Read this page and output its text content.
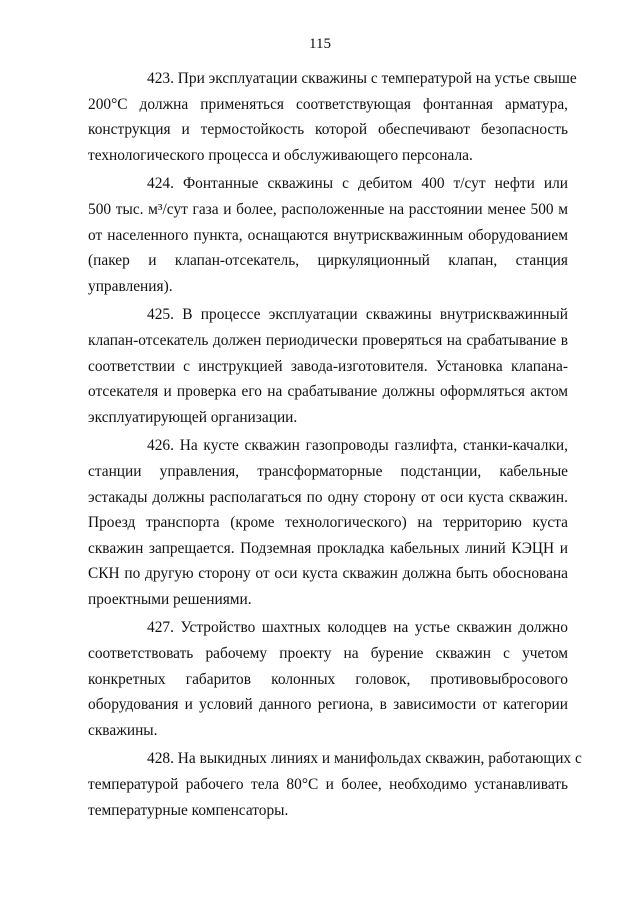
115
423. При эксплуатации скважины с температурой на устье свыше
200°С должна применяться соответствующая фонтанная арматура,
конструкция и термостойкость которой обеспечивают безопасность
технологического процесса и обслуживающего персонала.
424. Фонтанные скважины с дебитом 400 т/сут нефти или
500 тыс. м³/сут газа и более, расположенные на расстоянии менее 500 м
от населенного пункта, оснащаются внутрискважинным оборудованием
(пакер и клапан-отсекатель, циркуляционный клапан, станция
управления).
425. В процессе эксплуатации скважины внутрискважинный
клапан-отсекатель должен периодически проверяться на срабатывание в
соответствии с инструкцией завода-изготовителя. Установка клапана-
отсекателя и проверка его на срабатывание должны оформляться актом
эксплуатирующей организации.
426. На кусте скважин газопроводы газлифта, станки-качалки,
станции управления, трансформаторные подстанции, кабельные
эстакады должны располагаться по одну сторону от оси куста скважин.
Проезд транспорта (кроме технологического) на территорию куста
скважин запрещается. Подземная прокладка кабельных линий КЭЦН и
СКН по другую сторону от оси куста скважин должна быть обоснована
проектными решениями.
427. Устройство шахтных колодцев на устье скважин должно
соответствовать рабочему проекту на бурение скважин с учетом
конкретных габаритов колонных головок, противовыбросового
оборудования и условий данного региона, в зависимости от категории
скважины.
428. На выкидных линиях и манифольдах скважин, работающих с
температурой рабочего тела 80°С и более, необходимо устанавливать
температурные компенсаторы.
